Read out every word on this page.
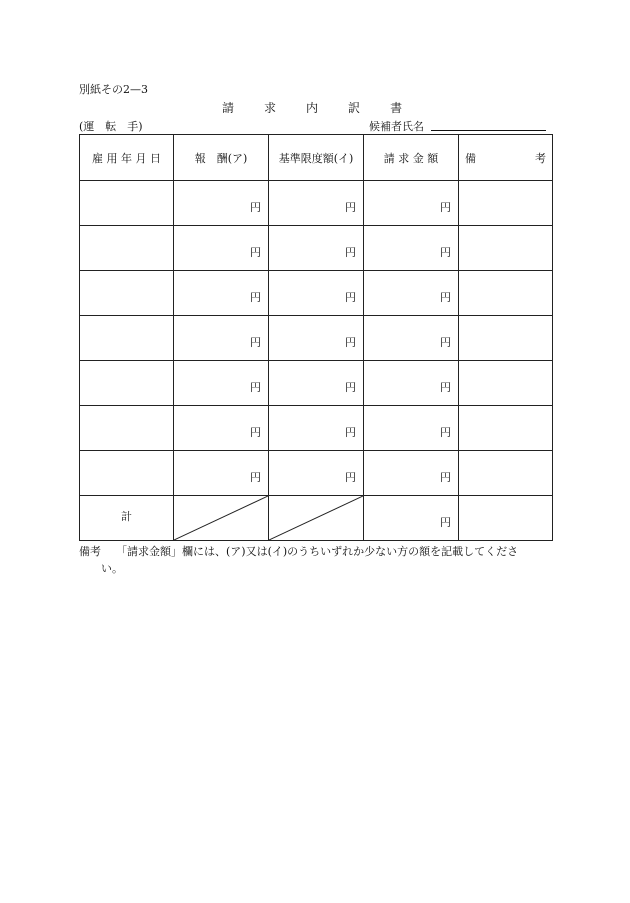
別紙その2—3
請	求	内	訳	書
(運　転　手)	候補者氏名
雇 用 年 月 日	報　酬(ア)	基準限度額(イ)	請 求 金 額	備 考

	円	円	円	

	円	円	円	

	円	円	円	

	円	円	円	

	円	円	円	

	円	円	円	

	円	円	円	

計			円	

備考 「請求金額」欄には、(ア)又は(イ)のうちいずれか少ない方の額を記載してくださ
い。
